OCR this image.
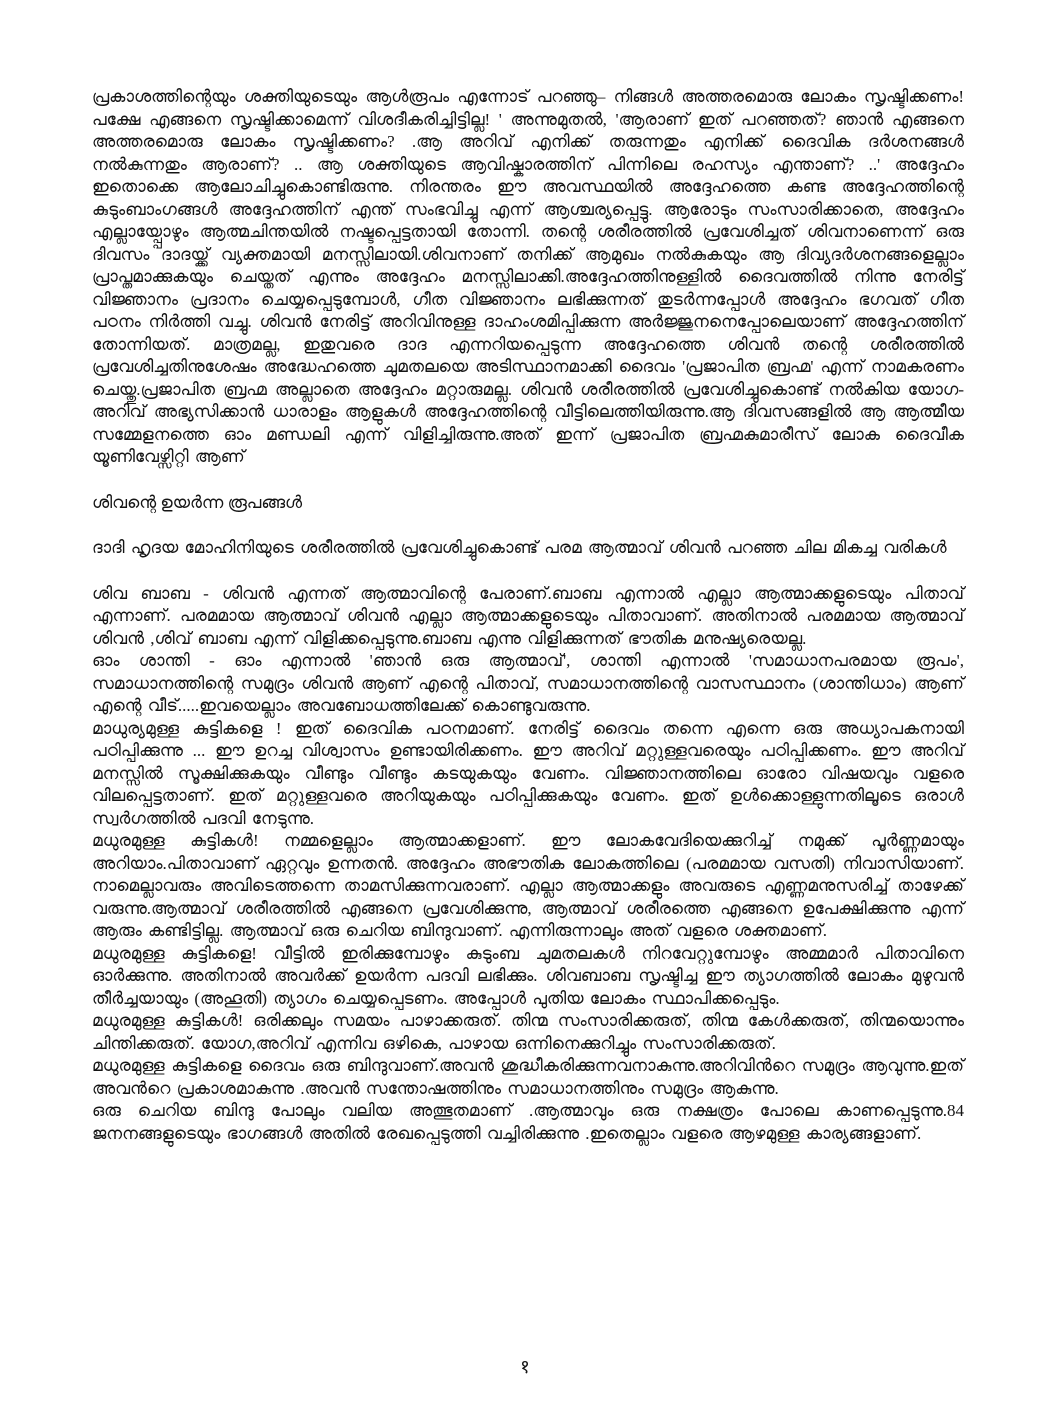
പ്രകാശത്തിന്റെയും ശക്തിയുടെയും ആൾരൂപം എന്നോട് പറഞ്ഞു– നിങ്ങൾ അത്തരമൊരു ലോകം സൃഷ്ടിക്കണം! പക്ഷേ എങ്ങനെ സൃഷ്ടിക്കാമെന്ന് വിശദീകരിച്ചിട്ടില്ല! ' അന്നുമുതൽ, 'ആരാണ് ഇത് പറഞ്ഞത്? ഞാൻ എങ്ങനെ അത്തരമൊരു ലോകം സൃഷ്ടിക്കണം? .ആ അറിവ് എനിക്ക് തരുന്നതും എനിക്ക് ദൈവിക ദർശനങ്ങൾ നൽകുന്നതും ആരാണ്? .. ആ ശക്തിയുടെ ആവിഷ്കാരത്തിന് പിന്നിലെ രഹസ്യം എന്താണ്? ..' അദ്ദേഹം ഇതൊക്കെ ആലോചിച്ചുകൊണ്ടിരുന്നു. നിരന്തരം ഈ അവസ്ഥയിൽ അദ്ദേഹത്തെ കണ്ട അദ്ദേഹത്തിന്റെ കുടുംബാംഗങ്ങൾ അദ്ദേഹത്തിന് എന്ത് സംഭവിച്ചു എന്ന് ആശ്ചര്യപ്പെട്ടു. ആരോടും സംസാരിക്കാതെ, അദ്ദേഹം എല്ലായ്പ്പോഴും ആത്മചിന്തയിൽ നഷ്ടപ്പെട്ടതായി തോന്നി. തന്റെ ശരീരത്തിൽ പ്രവേശിച്ചത് ശിവനാണെന്ന് ഒരു ദിവസം ദാദയ്ക്ക് വ്യക്തമായി മനസ്സിലായി.ശിവനാണ് തനിക്ക് ആമുഖം നൽകുകയും ആ ദിവ്യദർശനങ്ങളെല്ലാം പ്രാപ്തമാക്കുകയും ചെയ്തത് എന്നും അദ്ദേഹം മനസ്സിലാക്കി.അദ്ദേഹത്തിനുള്ളിൽ ദൈവത്തിൽ നിന്നു നേരിട്ട് വിജ്ഞാനം പ്രദാനം ചെയ്യപ്പെടുമ്പോൾ, ഗീത വിജ്ഞാനം ലഭിക്കുന്നത് തുടർന്നപ്പോൾ അദ്ദേഹം ഭഗവത് ഗീത പഠനം നിർത്തി വച്ചു. ശിവൻ നേരിട്ട് അറിവിനുള്ള ദാഹംശമിപ്പിക്കുന്ന അർജ്ജുനനെപ്പോലെയാണ് അദ്ദേഹത്തിന് തോന്നിയത്. മാത്രമല്ല, ഇതുവരെ ദാദ എന്നറിയപ്പെടുന്ന അദ്ദേഹത്തെ ശിവൻ തന്റെ ശരീരത്തിൽ പ്രവേശിച്ചതിനുശേഷം അദ്ധേഹത്തെ ചുമതലയെ അടിസ്ഥാനമാക്കി ദൈവം 'പ്രജാപിത ബ്രഹ്മ' എന്ന് നാമകരണം ചെയ്തു.പ്രജാപിത ബ്രഹ്മ അല്ലാതെ അദ്ദേഹം മറ്റാരുമല്ല. ശിവൻ ശരീരത്തിൽ പ്രവേശിച്ചുകൊണ്ട് നൽകിയ യോഗ-അറിവ് അഭ്യസിക്കാൻ ധാരാളം ആളുകൾ അദ്ദേഹത്തിന്റെ വീട്ടിലെത്തിയിരുന്നു.ആ ദിവസങ്ങളിൽ ആ ആത്മീയ സമ്മേളനത്തെ ഓം മണ്ഡലി എന്ന് വിളിച്ചിരുന്നു.അത് ഇന്ന് പ്രജാപിത ബ്രഹ്മകുമാരീസ് ലോക ദൈവീക യൂണിവേഴ്സിറ്റി ആണ്

ശിവന്റെ ഉയർന്ന രൂപങ്ങൾ

ദാദി ഹൃദയ മോഹിനിയുടെ ശരീരത്തിൽ പ്രവേശിച്ചുകൊണ്ട് പരമ ആത്മാവ് ശിവൻ പറഞ്ഞ ചില മികച്ച വരികൾ

ശിവ ബാബ - ശിവൻ എന്നത് ആത്മാവിന്റെ പേരാണ്.ബാബ എന്നാൽ എല്ലാ ആത്മാക്കളുടെയും പിതാവ് എന്നാണ്. പരമമായ ആത്മാവ് ശിവൻ എല്ലാ ആത്മാക്കളുടെയും പിതാവാണ്. അതിനാൽ പരമമായ ആത്മാവ് ശിവൻ ,ശിവ് ബാബ എന്ന് വിളിക്കപ്പെടുന്നു.ബാബ എന്നു വിളിക്കുന്നത് ഭൗതിക മനുഷ്യരെയല്ല.

ഓം ശാന്തി - ഓം എന്നാൽ 'ഞാൻ ഒരു ആത്മാവ്', ശാന്തി എന്നാൽ 'സമാധാനപരമായ രൂപം', സമാധാനത്തിന്റെ സമുദ്രം ശിവൻ ആണ് എന്റെ പിതാവ്, സമാധാനത്തിന്റെ വാസസ്ഥാനം (ശാന്തിധാം) ആണ് എന്റെ വീട്.....ഇവയെല്ലാം അവബോധത്തിലേക്ക് കൊണ്ടുവരുന്നു.

മാധുര്യമുള്ള കുട്ടികളെ ! ഇത് ദൈവിക പഠനമാണ്. നേരിട്ട് ദൈവം തന്നെ എന്നെ ഒരു അധ്യാപകനായി പഠിപ്പിക്കുന്നു ... ഈ ഉറച്ച വിശ്വാസം ഉണ്ടായിരിക്കണം. ഈ അറിവ് മറ്റുള്ളവരെയും പഠിപ്പിക്കണം. ഈ അറിവ് മനസ്സിൽ സൂക്ഷിക്കുകയും വീണ്ടും വീണ്ടും കടയുകയും വേണം. വിജ്ഞാനത്തിലെ ഓരോ വിഷയവും വളരെ വിലപ്പെട്ടതാണ്. ഇത് മറ്റുള്ളവരെ അറിയുകയും പഠിപ്പിക്കുകയും വേണം. ഇത് ഉൾക്കൊള്ളുന്നതിലൂടെ ഒരാൾ സ്വർഗത്തിൽ പദവി നേടുന്നു.

മധുരമുള്ള കുട്ടികൾ! നമ്മളെല്ലാം ആത്മാക്കളാണ്. ഈ ലോകവേദിയെക്കുറിച്ച് നമുക്ക് പൂർണ്ണമായും അറിയാം.പിതാവാണ് ഏറ്റവും ഉന്നതൻ. അദ്ദേഹം അഭൗതിക ലോകത്തിലെ (പരമമായ വസതി) നിവാസിയാണ്. നാമെല്ലാവരും അവിടെത്തന്നെ താമസിക്കുന്നവരാണ്. എല്ലാ ആത്മാക്കളും അവരുടെ എണ്ണമനുസരിച്ച് താഴേക്ക് വരുന്നു.ആത്മാവ് ശരീരത്തിൽ എങ്ങനെ പ്രവേശിക്കുന്നു, ആത്മാവ് ശരീരത്തെ എങ്ങനെ ഉപേക്ഷിക്കുന്നു എന്ന് ആരും കണ്ടിട്ടില്ല. ആത്മാവ് ഒരു ചെറിയ ബിന്ദുവാണ്. എന്നിരുന്നാലും അത് വളരെ ശക്തമാണ്.

മധുരമുള്ള കുട്ടികളെ! വീട്ടിൽ ഇരിക്കുമ്പോഴും കുടുംബ ചുമതലകൾ നിറവേറ്റുമ്പോഴും അമ്മമാർ പിതാവിനെ ഓർക്കുന്നു. അതിനാൽ അവർക്ക് ഉയർന്ന പദവി ലഭിക്കും. ശിവബാബ സൃഷ്ടിച്ച ഈ ത്യാഗത്തിൽ ലോകം മുഴുവൻ തീർച്ചയായും (അഹൂതി) ത്യാഗം ചെയ്യപ്പെടണം. അപ്പോൾ പുതിയ ലോകം സ്ഥാപിക്കപ്പെടും.

മധുരമുള്ള കുട്ടികൾ! ഒരിക്കലും സമയം പാഴാക്കരുത്. തിന്മ സംസാരിക്കരുത്, തിന്മ കേൾക്കരുത്, തിന്മയൊന്നും ചിന്തിക്കരുത്. യോഗ,അറിവ് എന്നിവ ഒഴികെ, പാഴായ ഒന്നിനെക്കുറിച്ചും സംസാരിക്കരുത്.

മധുരമുള്ള കുട്ടികളെ ദൈവം ഒരു ബിന്ദുവാണ്.അവൻ ശുദ്ധീകരിക്കുന്നവനാകുന്നു.അറിവിൻറെ സമുദ്രം ആവുന്നു.ഇത് അവൻറെ പ്രകാശമാകുന്നു .അവൻ സന്തോഷത്തിനും സമാധാനത്തിനും സമുദ്രം ആകുന്നു.

ഒരു ചെറിയ ബിന്ദു പോലും വലിയ അത്ഭുതമാണ് .ആത്മാവും ഒരു നക്ഷത്രം പോലെ കാണപ്പെടുന്നു.84 ജനനങ്ങളുടെയും ഭാഗങ്ങൾ അതിൽ രേഖപ്പെടുത്തി വച്ചിരിക്കുന്നു .ഇതെല്ലാം വളരെ ആഴമുള്ള കാര്യങ്ങളാണ്.

१
